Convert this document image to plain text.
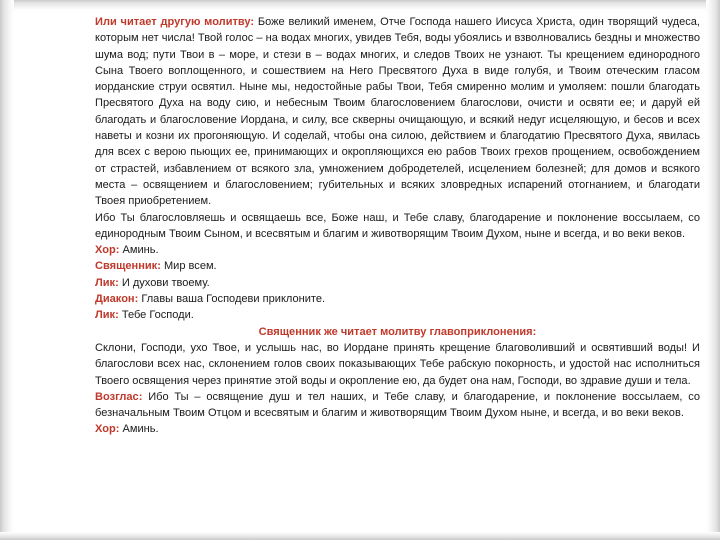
Или читает другую молитву: Боже великий именем, Отче Господа нашего Иисуса Христа, один творящий чудеса, которым нет числа! Твой голос – на водах многих, увидев Тебя, воды убоялись и взволновались бездны и множество шума вод; пути Твои в – море, и стези в – водах многих, и следов Твоих не узнают. Ты крещением единородного Сына Твоего воплощенного, и сошествием на Него Пресвятого Духа в виде голубя, и Твоим отеческим гласом иорданские струи освятил. Ныне мы, недостойные рабы Твои, Тебя смиренно молим и умоляем: пошли благодать Пресвятого Духа на воду сию, и небесным Твоим благословением благослови, очисти и освяти ее; и даруй ей благодать и благословение Иордана, и силу, все скверны очищающую, и всякий недуг исцеляющую, и бесов и всех наветы и козни их прогоняющую. И соделай, чтобы она силою, действием и благодатию Пресвятого Духа, явилась для всех с верою пьющих ее, принимающих и окропляющихся ею рабов Твоих грехов прощением, освобождением от страстей, избавлением от всякого зла, умножением добродетелей, исцелением болезней; для домов и всякого места – освящением и благословением; губительных и всяких зловредных испарений отогнанием, и благодати Твоея приобретением.

Ибо Ты благословляешь и освящаешь все, Боже наш, и Тебе славу, благодарение и поклонение воссылаем, со единородным Твоим Сыном, и всесвятым и благим и животворящим Твоим Духом, ныне и всегда, и во веки веков.

Хор: Аминь.

Священник: Мир всем.

Лик: И духови твоему.

Диакон: Главы ваша Господеви приклоните.

Лик: Тебе Господи.

Священник же читает молитву главоприклонения:

Склони, Господи, ухо Твое, и услышь нас, во Иордане принять крещение благоволивший и освятивший воды! И благослови всех нас, склонением голов своих показывающих Тебе рабскую покорность, и удостой нас исполниться Твоего освящения через принятие этой воды и окропление ею, да будет она нам, Господи, во здравие души и тела.

Возглас: Ибо Ты – освящение душ и тел наших, и Тебе славу, и благодарение, и поклонение воссылаем, со безначальным Твоим Отцом и всесвятым и благим и животворящим Твоим Духом ныне, и всегда, и во веки веков.

Хор: Аминь.
